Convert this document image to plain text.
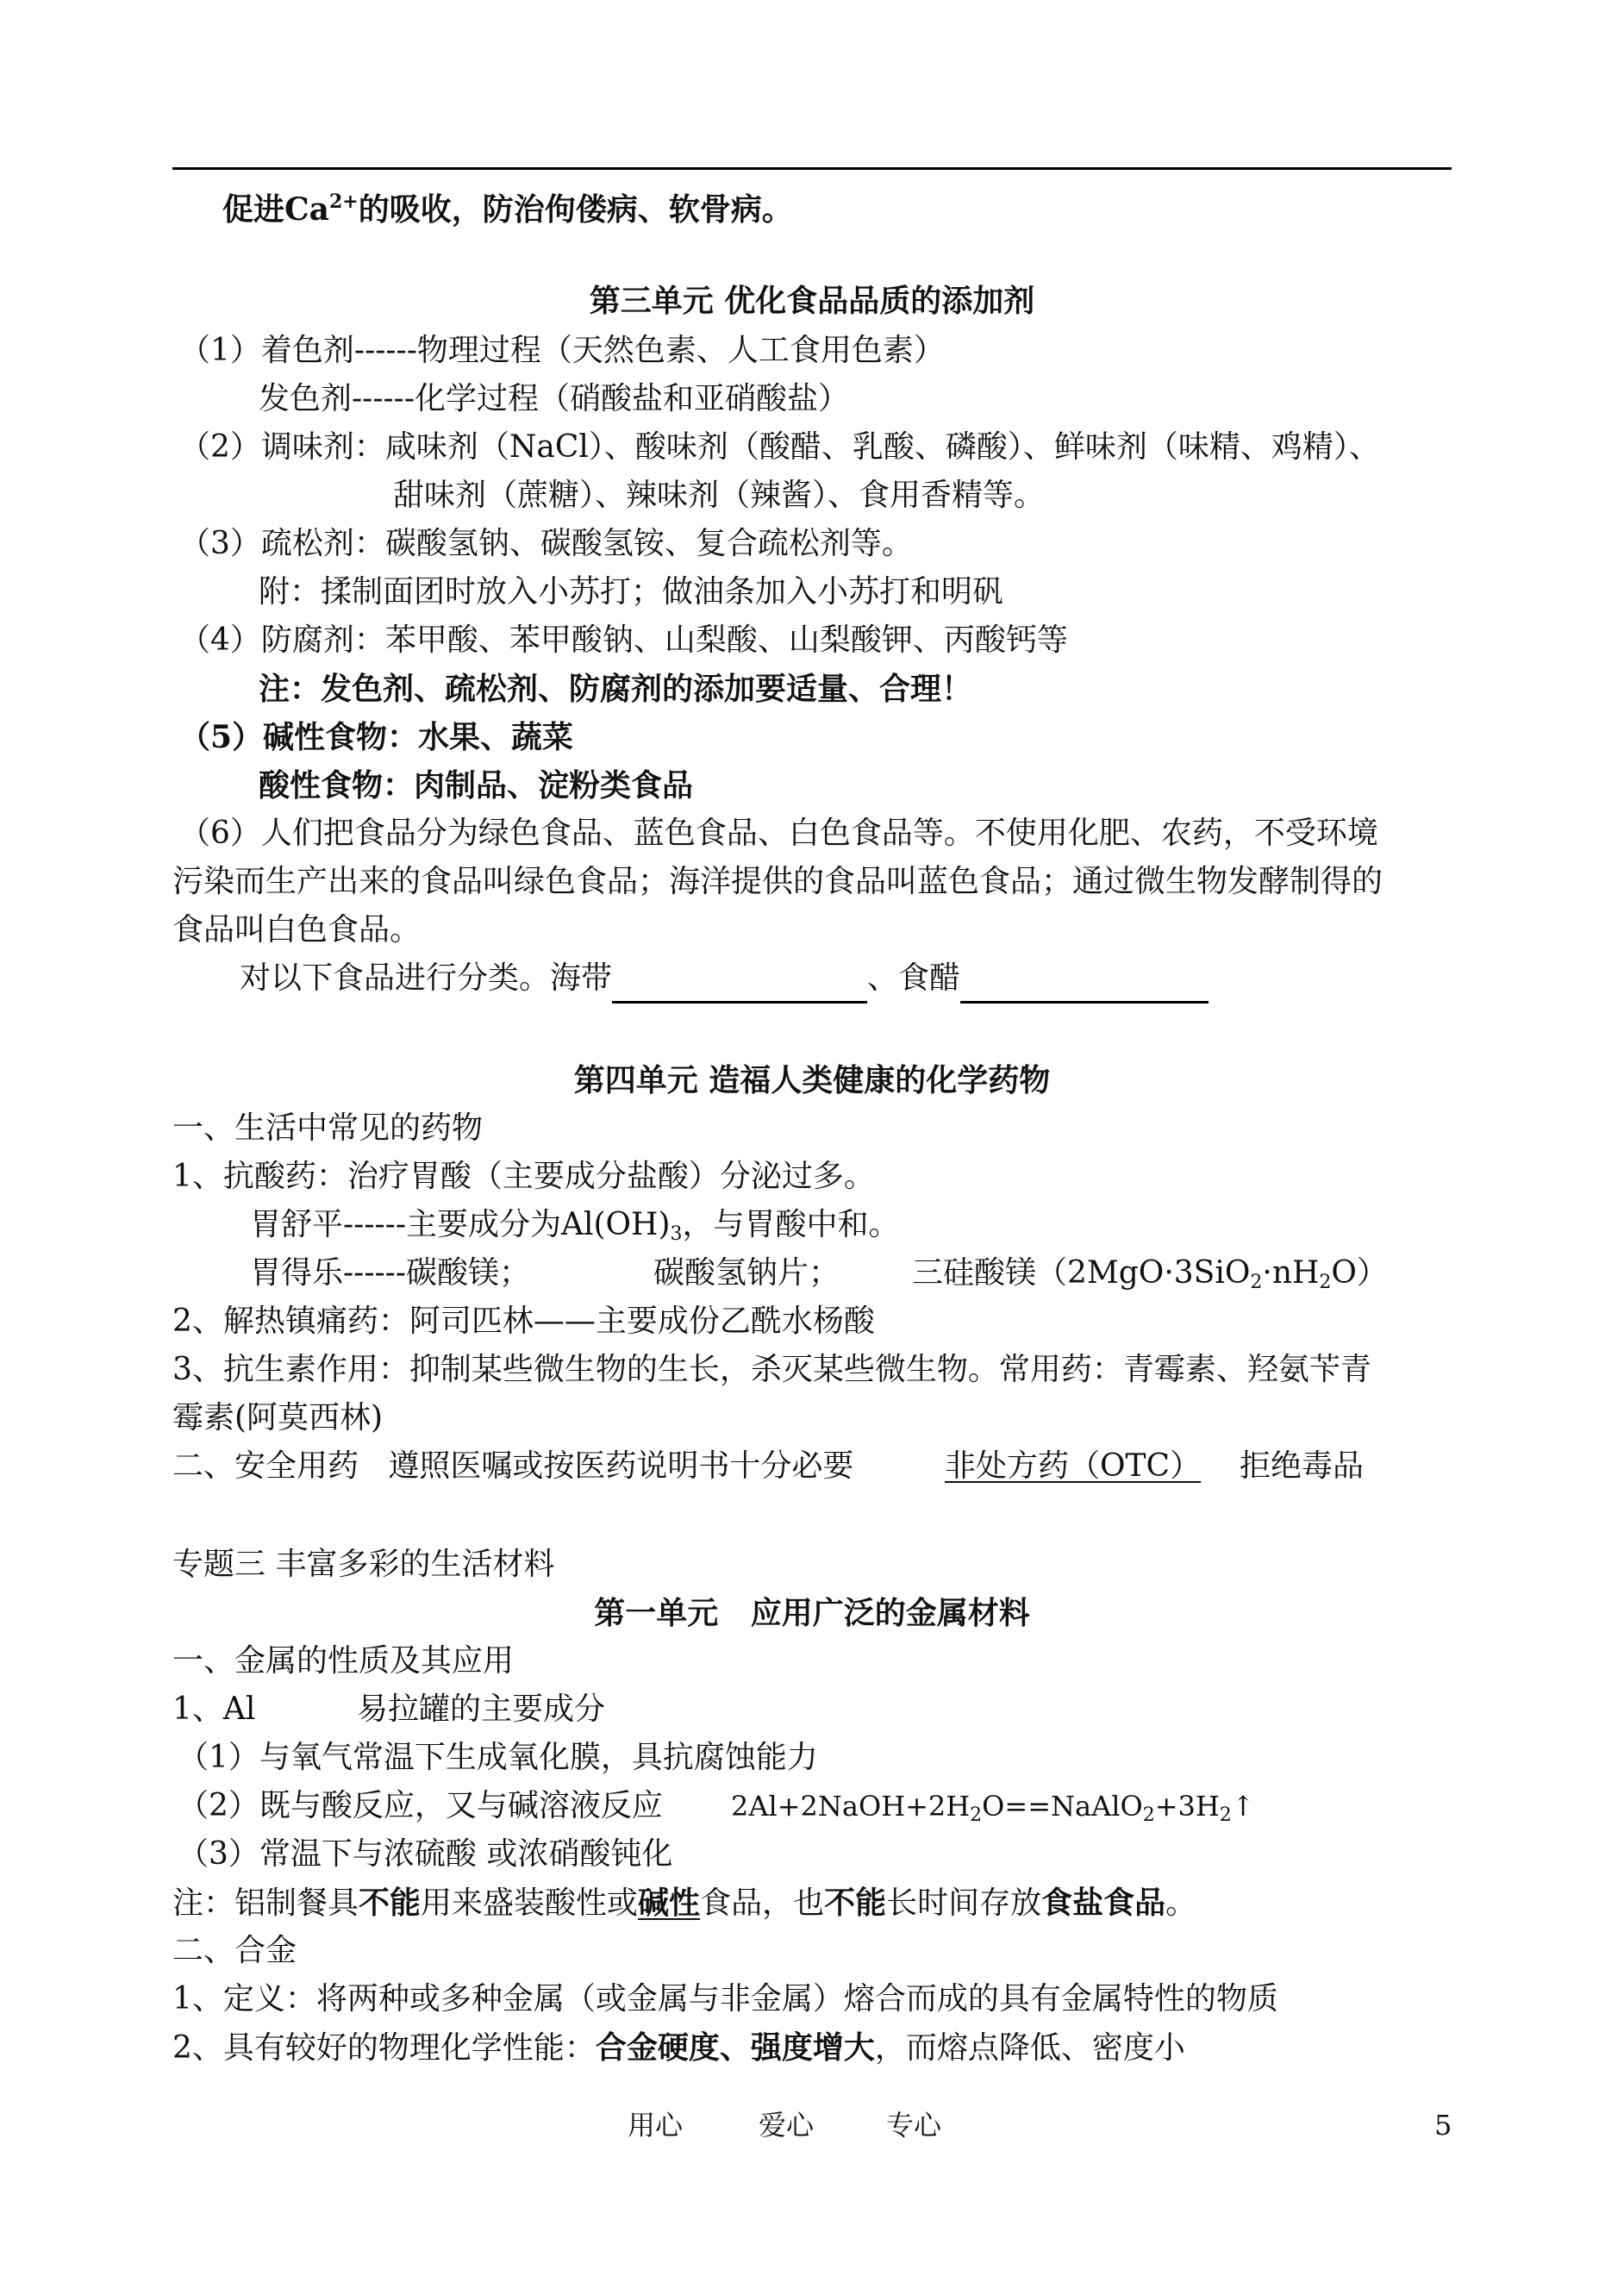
促进$Ca^{2+}$的吸收，防治佝偻病、软骨病。
第三单元 优化食品品质的添加剂
（1）着色剂------物理过程（天然色素、人工食用色素）
发色剂------化学过程（硝酸盐和亚硝酸盐）
（2）调味剂：咸味剂（NaCl）、酸味剂（酸醋、乳酸、磷酸）、鲜味剂（味精、鸡精）、
甜味剂（蔗糖）、辣味剂（辣酱）、食用香精等。
（3）疏松剂：碳酸氢钠、碳酸氢铵、复合疏松剂等。
附：揉制面团时放入小苏打；做油条加入小苏打和明矾
（4）防腐剂：苯甲酸、苯甲酸钠、山梨酸、山梨酸钾、丙酸钙等
注：发色剂、疏松剂、防腐剂的添加要适量、合理！
（5）碱性食物：水果、蔬菜
酸性食物：肉制品、淀粉类食品
（6）人们把食品分为绿色食品、蓝色食品、白色食品等。不使用化肥、农药，不受环境
污染而生产出来的食品叫绿色食品；海洋提供的食品叫蓝色食品；通过微生物发酵制得的
食品叫白色食品。
对以下食品进行分类。海带	、食醋
第四单元 造福人类健康的化学药物
一、生活中常见的药物
1、抗酸药：治疗胃酸（主要成分盐酸）分泌过多。
胃舒平------主要成分为$Al(OH)_3$，与胃酸中和。
胃得乐------碳酸镁；	碳酸氢钠片； 三硅酸镁$(2MgO\cdot 3SiO_2\cdot nH_2O)$
2、解热镇痛药：阿司匹林——主要成份乙酰水杨酸
3、抗生素作用：抑制某些微生物的生长，杀灭某些微生物。常用药：青霉素、羟氨苄青
霉素(阿莫西林)
二、安全用药   遵照医嘱或按医药说明书十分必要	非处方药（OTC） 拒绝毒品
专题三 丰富多彩的生活材料
第一单元   应用广泛的金属材料
一、金属的性质及其应用
1、Al	易拉罐的主要成分
（1）与氧气常温下生成氧化膜，具抗腐蚀能力
（2）既与酸反应，又与碱溶液反应 $2Al+2NaOH+2H_2O==NaAlO_2+3H_2↑$
（3）常温下与浓硫酸 或浓硝酸钝化
注：铝制餐具不能用来盛装酸性或碱性食品，也不能长时间存放食盐食品。
二、合金
1、定义：将两种或多种金属（或金属与非金属）熔合而成的具有金属特性的物质
2、具有较好的物理化学性能：合金硬度、强度增大，而熔点降低、密度小
用心	爱心	专心	5
